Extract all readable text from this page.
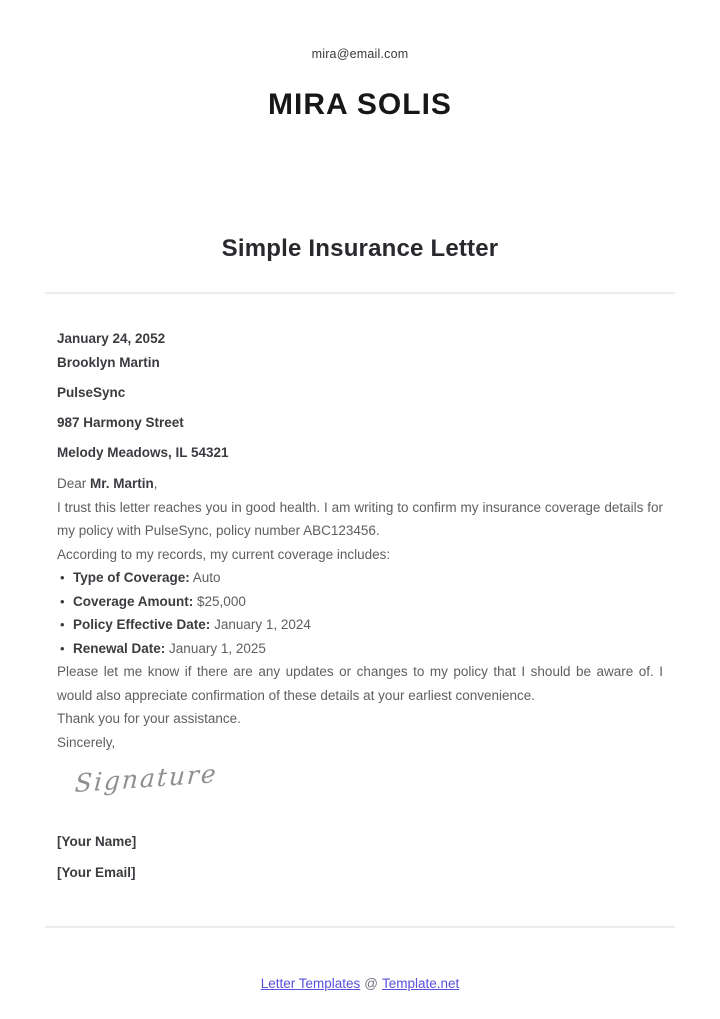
mira@email.com
MIRA SOLIS
Simple Insurance Letter
January 24, 2052
Brooklyn Martin
PulseSync
987 Harmony Street
Melody Meadows, IL 54321

Dear Mr. Martin,

I trust this letter reaches you in good health. I am writing to confirm my insurance coverage details for my policy with PulseSync, policy number ABC123456.

According to my records, my current coverage includes:

• Type of Coverage: Auto
• Coverage Amount: $25,000
• Policy Effective Date: January 1, 2024
• Renewal Date: January 1, 2025

Please let me know if there are any updates or changes to my policy that I should be aware of. I would also appreciate confirmation of these details at your earliest convenience.

Thank you for your assistance.

Sincerely,

Signature
[Your Name]
[Your Email]
Letter Templates @ Template.net
